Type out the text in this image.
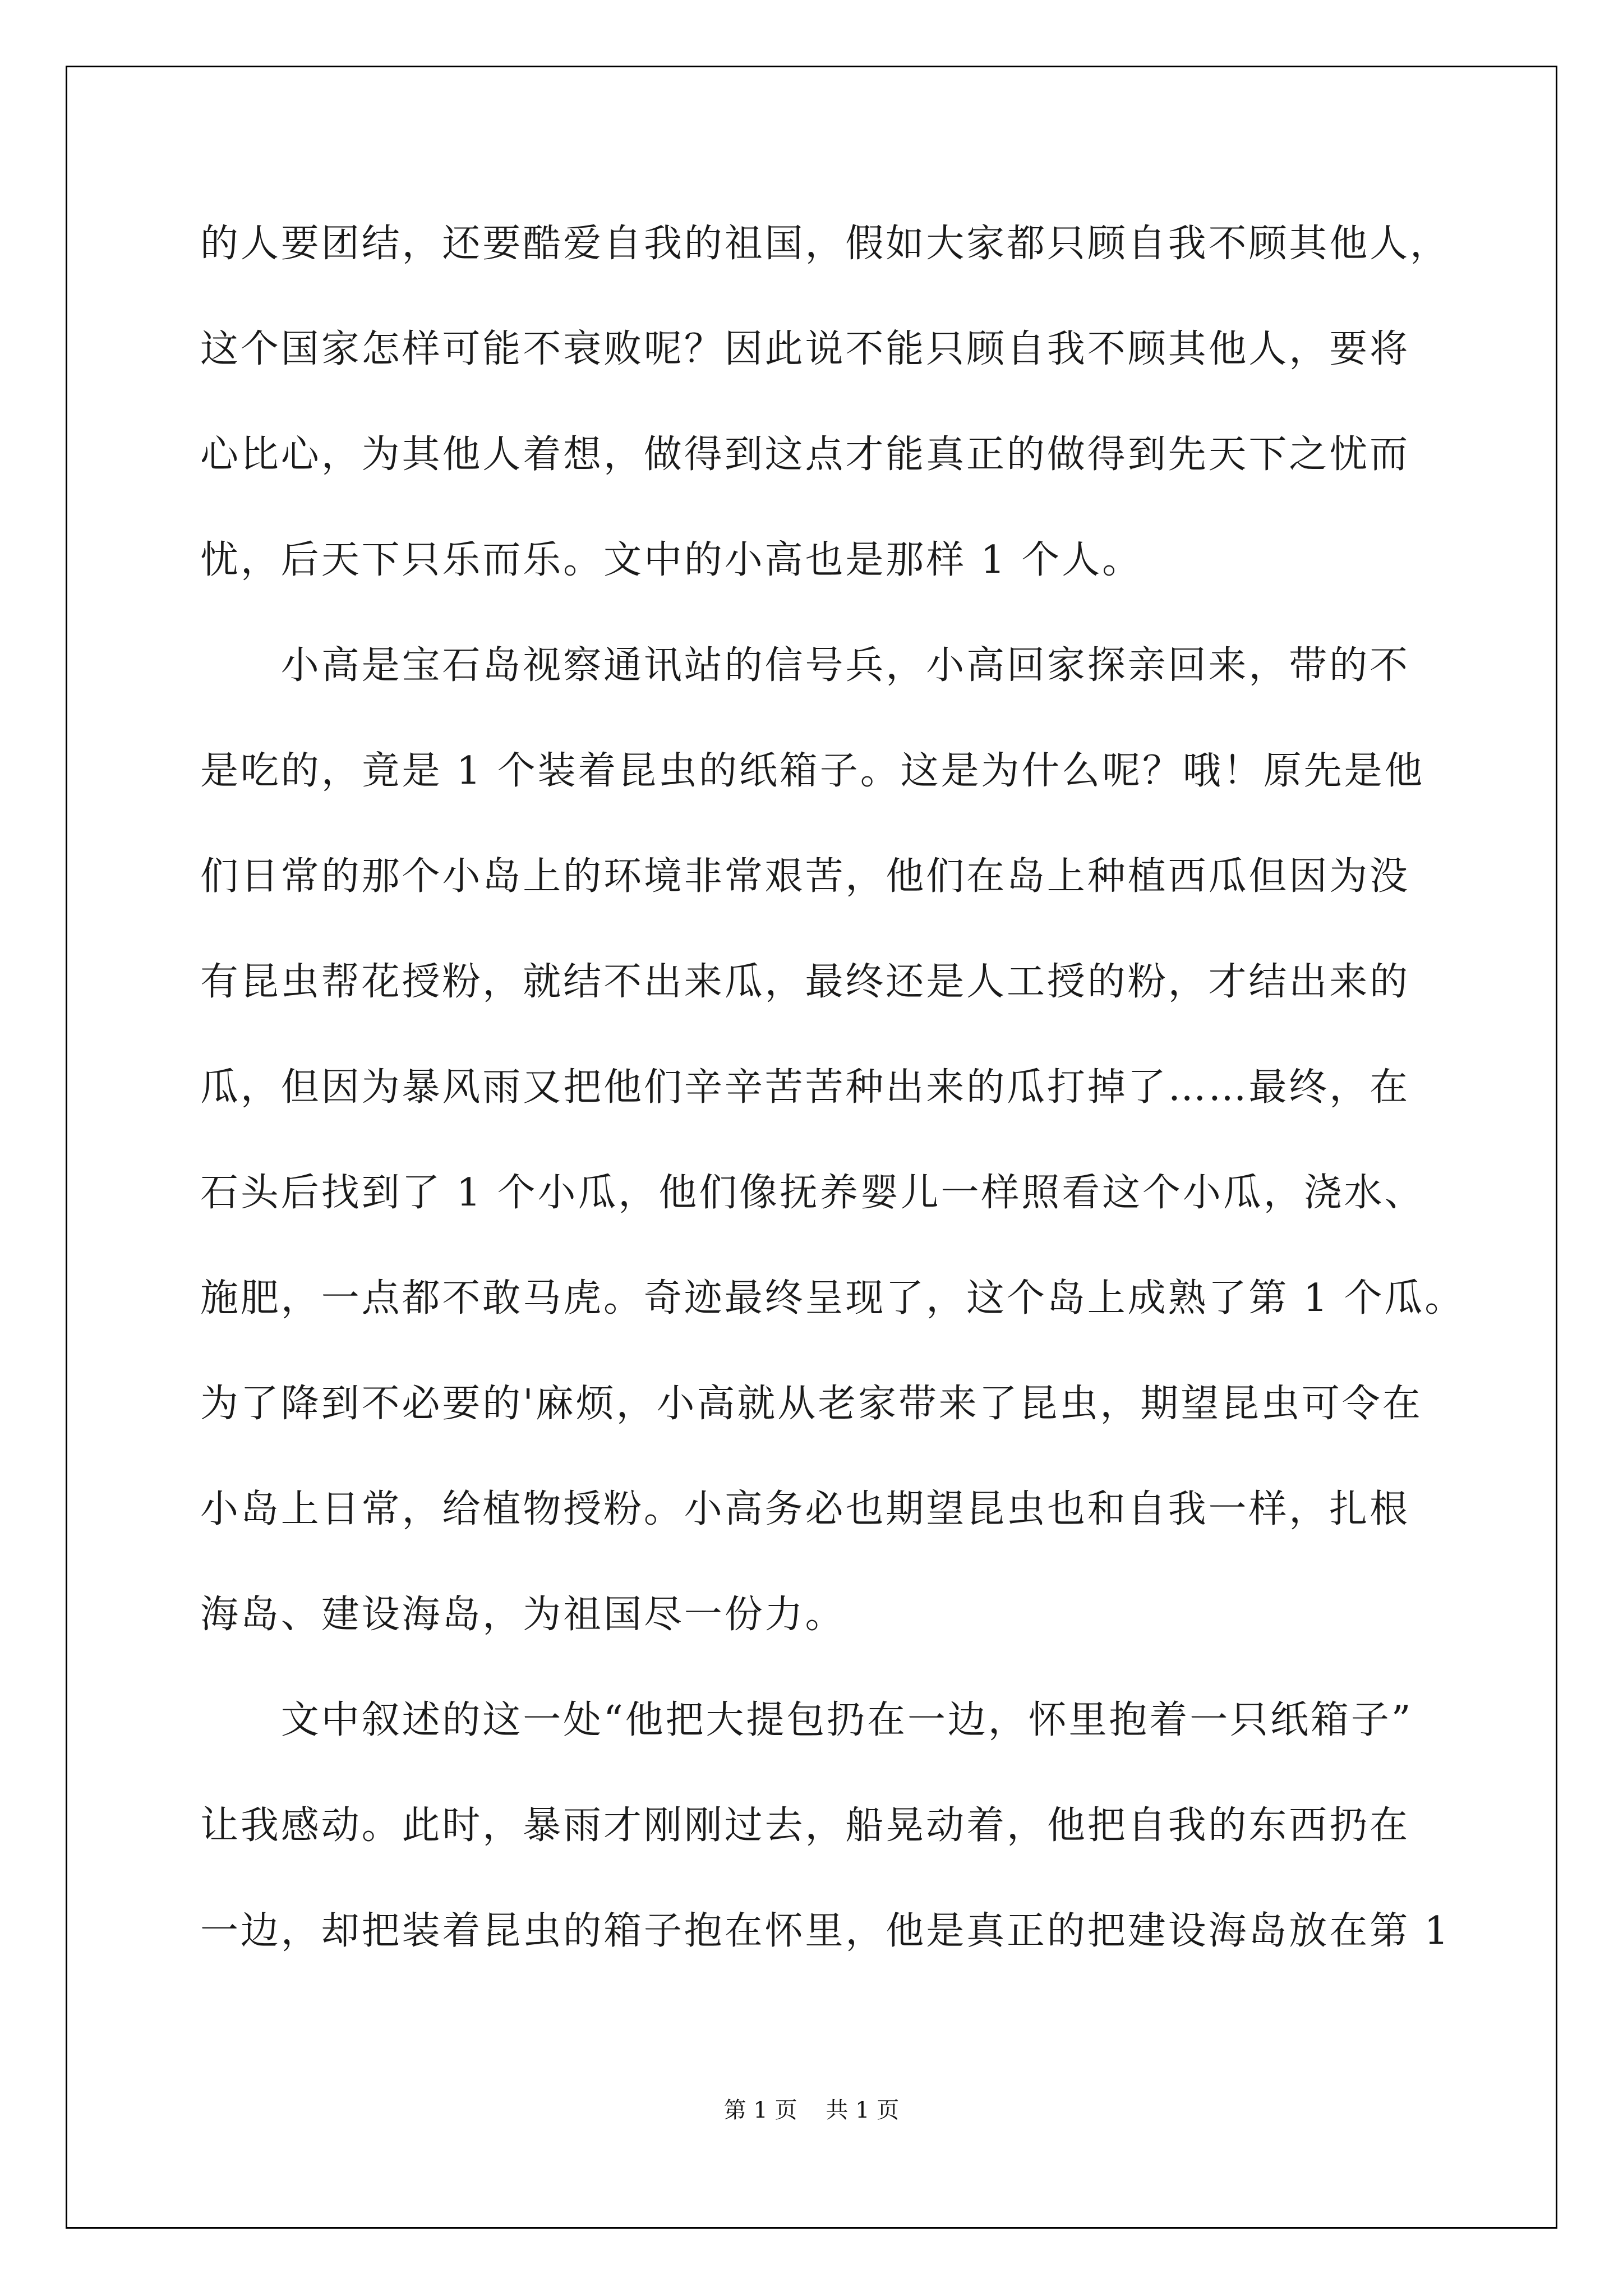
的人要团结，还要酷爱自我的祖国，假如大家都只顾自我不顾其他人，
这个国家怎样可能不衰败呢？因此说不能只顾自我不顾其他人，要将
心比心，为其他人着想，做得到这点才能真正的做得到先天下之忧而
忧，后天下只乐而乐。文中的小高也是那样 1 个人。
　　小高是宝石岛视察通讯站的信号兵，小高回家探亲回来，带的不
是吃的，竟是 1 个装着昆虫的纸箱子。这是为什么呢？哦！原先是他
们日常的那个小岛上的环境非常艰苦，他们在岛上种植西瓜但因为没
有昆虫帮花授粉，就结不出来瓜，最终还是人工授的粉，才结出来的
瓜，但因为暴风雨又把他们辛辛苦苦种出来的瓜打掉了……最终，在
石头后找到了 1 个小瓜，他们像抚养婴儿一样照看这个小瓜，浇水、
施肥，一点都不敢马虎。奇迹最终呈现了，这个岛上成熟了第 1 个瓜。
为了降到不必要的'麻烦，小高就从老家带来了昆虫，期望昆虫可令在
小岛上日常，给植物授粉。小高务必也期望昆虫也和自我一样，扎根
海岛、建设海岛，为祖国尽一份力。
　　文中叙述的这一处“他把大提包扔在一边，怀里抱着一只纸箱子”
让我感动。此时，暴雨才刚刚过去，船晃动着，他把自我的东西扔在
一边，却把装着昆虫的箱子抱在怀里，他是真正的把建设海岛放在第 1
第 1 页    共 1 页
